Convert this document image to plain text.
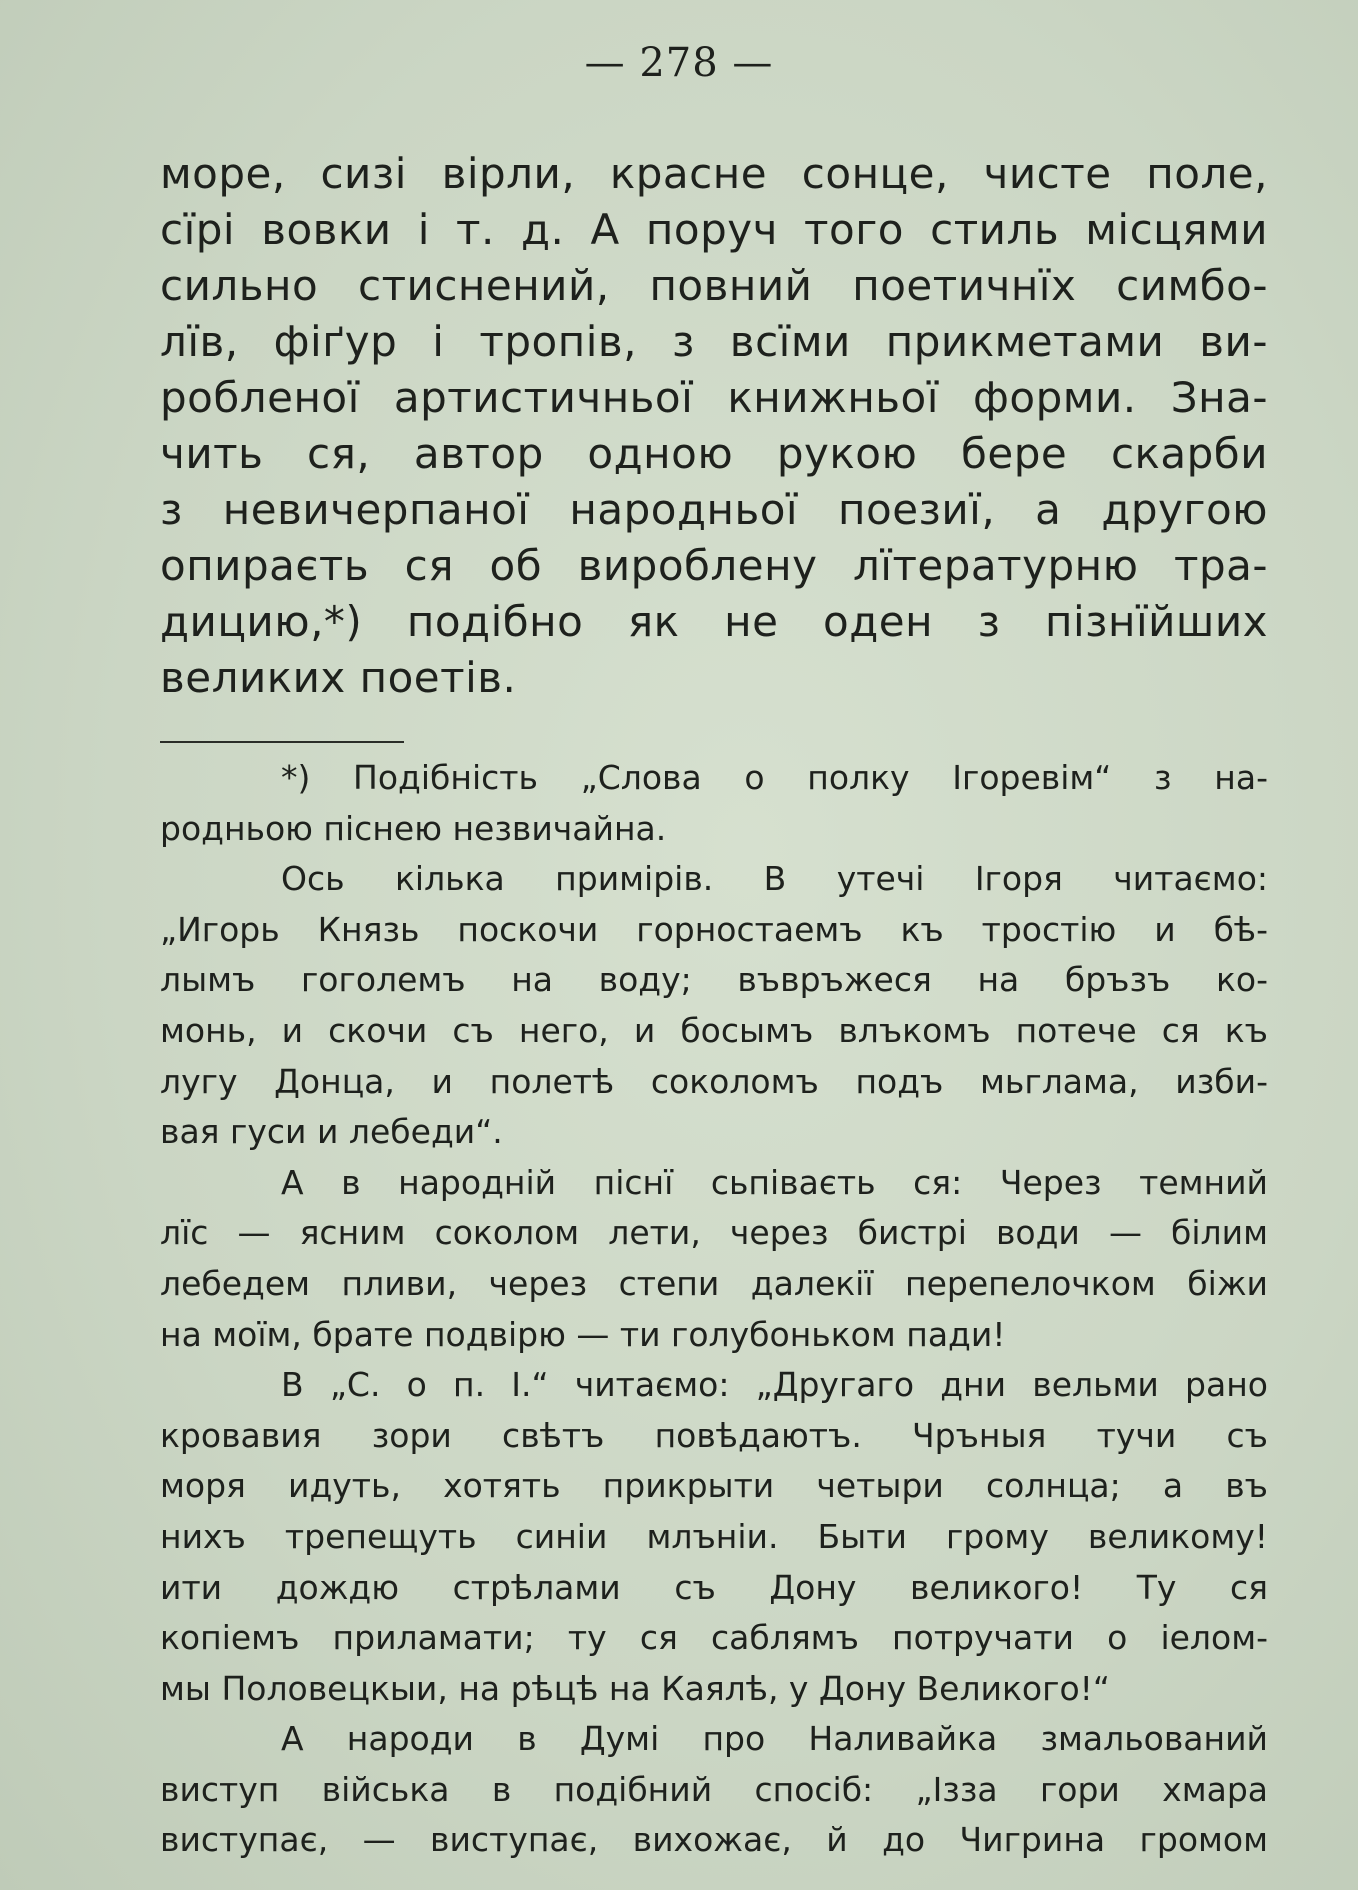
— 278 —
море, сизі вірли, красне сонце, чисте поле,
сїрі вовки і т. д. А поруч того стиль місцями
сильно стиснений, повний поетичнїх симбо-
лїв, фіґур і тропів, з всїми прикметами ви-
робленої артистичньої книжньої форми. Зна-
чить ся, автор одною рукою бере скарби
з невичерпаної народньої поезиї, а другою
опираєть ся об вироблену лїтературню тра-
дицию,*) подібно як не оден з пізнїйших
великих поетів.
*) Подібність „Слова о полку Ігоревім“ з на-
родньою піснею незвичайна.
Ось кілька примірів. В утечі Ігоря читаємо:
„Игорь Князь поскочи горностаемъ къ тростію и бѣ-
лымъ гоголемъ на воду; въвръжеся на бръзъ ко-
монь, и скочи съ него, и босымъ влъкомъ потече ся къ
лугу Донца, и полетѣ соколомъ подъ мьглама, изби-
вая гуси и лебеди“.
А в народній піснї сьпіваєть ся: Через темний
лїс — ясним соколом лети, через бистрі води — білим
лебедем пливи, через степи далекії перепелочком біжи
на моїм, брате подвірю — ти голубоньком пади!
В „С. о п. І.“ читаємо: „Другаго дни вельми рано
кровавия зори свѣтъ повѣдаютъ. Чръныя тучи съ
моря идуть, хотять прикрыти четыри солнца; а въ
нихъ трепещуть синіи млъніи. Быти грому великому!
ити дождю стрѣлами съ Дону великого! Ту ся
копіемъ приламати; ту ся саблямъ потручати о іелом-
мы Половецкыи, на рѣцѣ на Каялѣ, у Дону Великого!“
А народи в Думі про Наливайка змальований
виступ війська в подібний спосіб: „Ізза гори хмара
виступає, — виступає, вихожає, й до Чигрина громом
